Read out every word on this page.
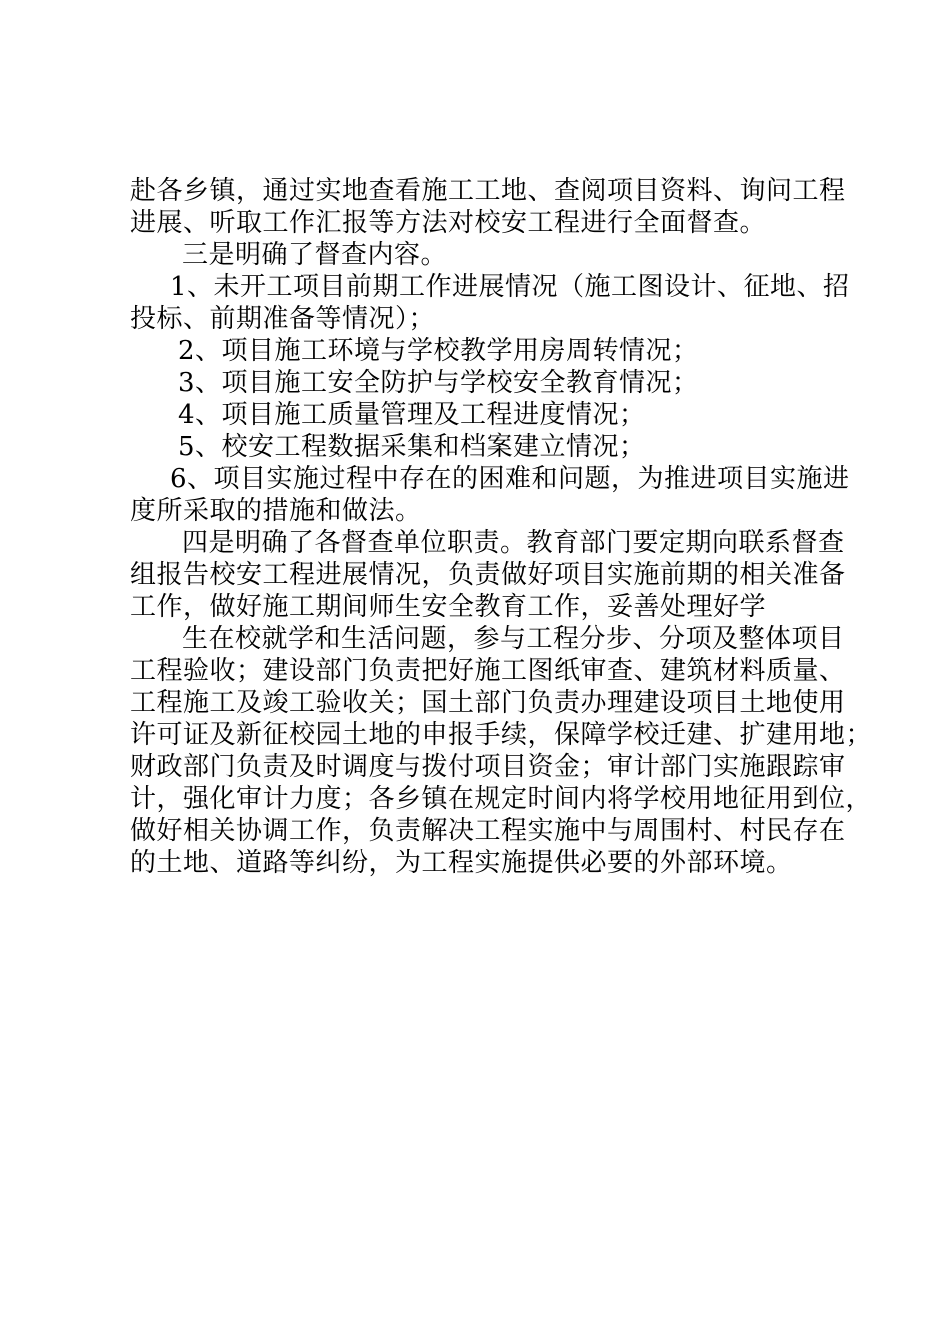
赴各乡镇，通过实地查看施工工地、查阅项目资料、询问工程
进展、听取工作汇报等方法对校安工程进行全面督查。
三是明确了督查内容。
1、未开工项目前期工作进展情况（施工图设计、征地、招
投标、前期准备等情况）；
2、项目施工环境与学校教学用房周转情况；
3、项目施工安全防护与学校安全教育情况；
4、项目施工质量管理及工程进度情况；
5、校安工程数据采集和档案建立情况；
6、项目实施过程中存在的困难和问题，为推进项目实施进
度所采取的措施和做法。
四是明确了各督查单位职责。教育部门要定期向联系督查
组报告校安工程进展情况，负责做好项目实施前期的相关准备
工作，做好施工期间师生安全教育工作，妥善处理好学
生在校就学和生活问题，参与工程分步、分项及整体项目
工程验收；建设部门负责把好施工图纸审查、建筑材料质量、
工程施工及竣工验收关；国土部门负责办理建设项目土地使用
许可证及新征校园土地的申报手续，保障学校迁建、扩建用地；
财政部门负责及时调度与拨付项目资金；审计部门实施跟踪审
计，强化审计力度；各乡镇在规定时间内将学校用地征用到位，
做好相关协调工作，负责解决工程实施中与周围村、村民存在
的土地、道路等纠纷，为工程实施提供必要的外部环境。
